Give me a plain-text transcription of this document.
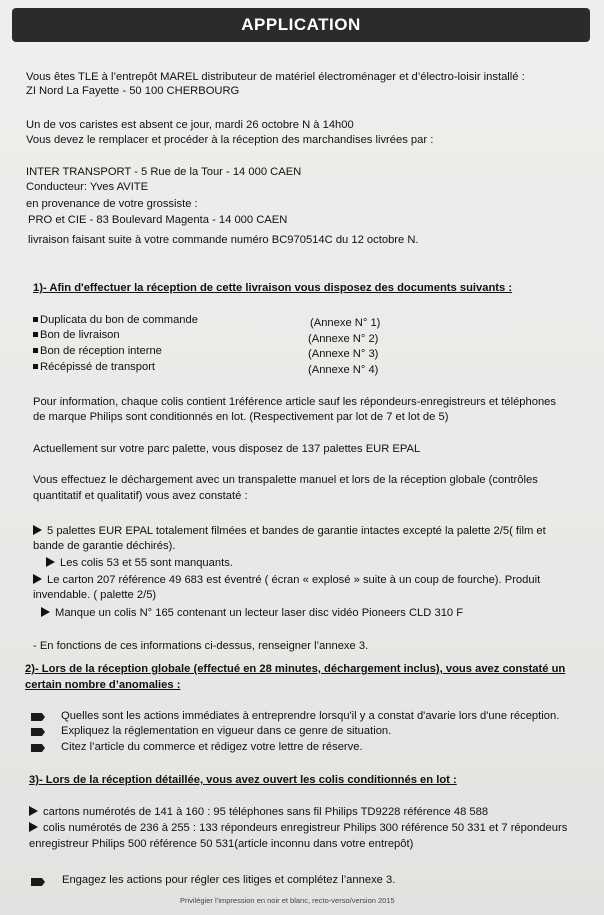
APPLICATION
Vous êtes TLE à l’entrepôt MAREL distributeur de matériel électroménager et d’électro-loisir installé :
ZI Nord La Fayette - 50 100 CHERBOURG
Un de vos caristes est absent ce jour, mardi 26 octobre N à 14h00
Vous devez le remplacer et procéder à la réception des marchandises livrées par :
INTER TRANSPORT - 5 Rue de la Tour - 14 000 CAEN
Conducteur: Yves AVITE
en provenance de votre grossiste :
PRO et CIE - 83 Boulevard Magenta - 14 000 CAEN
livraison faisant suite à votre commande numéro BC970514C du 12 octobre N.
1)- Afin d'effectuer la réception de cette livraison vous disposez des documents suivants :
Duplicata du bon de commande	(Annexe N° 1)
Bon de livraison	(Annexe N° 2)
Bon de réception interne	(Annexe N° 3)
Récépissé de transport	(Annexe N° 4)
Pour information, chaque colis contient 1référence article sauf les répondeurs-enregistreurs et téléphones
de marque Philips sont conditionnés en lot. (Respectivement par lot de 7 et lot de 5)
Actuellement sur votre parc palette, vous disposez de 137 palettes EUR EPAL
Vous effectuez le déchargement avec un transpalette manuel et lors de la réception globale (contrôles
quantitatif et qualitatif) vous avez constaté :
5 palettes EUR EPAL totalement filmées et bandes de garantie intactes excepté la palette 2/5( film et
bande de garantie déchirés).
Les colis 53 et 55 sont manquants.
Le carton 207 référence 49 683 est éventré ( écran « explosé » suite à un coup de fourche). Produit
invendable. ( palette 2/5)
Manque un colis N° 165 contenant un lecteur laser disc vidéo Pioneers CLD 310 F
- En fonctions de ces informations ci-dessus, renseigner l’annexe 3.
2)- Lors de la réception globale (effectué en 28 minutes, déchargement inclus), vous avez constaté un
certain nombre d’anomalies :
Quelles sont les actions immédiates à entreprendre lorsqu'il y a constat d'avarie lors d'une réception.
Expliquez la réglementation en vigueur dans ce genre de situation.
Citez l’article du commerce et rédigez votre lettre de réserve.
3)- Lors de la réception détaillée, vous avez ouvert les colis conditionnés en lot :
cartons numérotés de 141 à 160 : 95 téléphones sans fil Philips TD9228 référence 48 588
colis numérotés de 236 à 255 : 133 répondeurs enregistreur Philips 300 référence 50 331 et 7 répondeurs
enregistreur Philips 500 référence 50 531(article inconnu dans votre entrepôt)
Engagez les actions pour régler ces litiges et complétez l’annexe 3.
Privilégier l’impression en noir et blanc, recto-verso/version 2015
